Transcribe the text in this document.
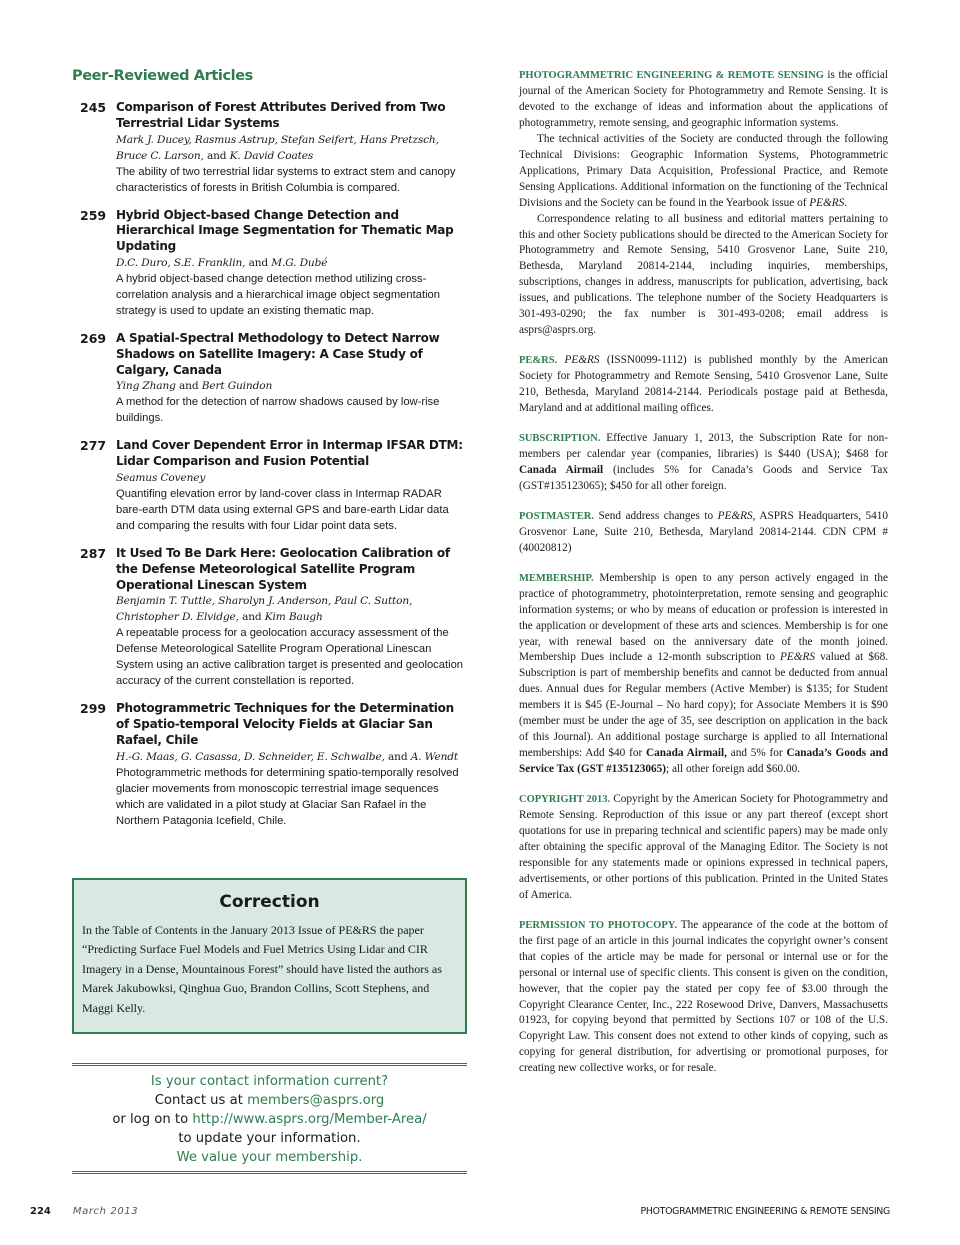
Peer-Reviewed Articles
245 Comparison of Forest Attributes Derived from Two Terrestrial Lidar Systems
Mark J. Ducey, Rasmus Astrup, Stefan Seifert, Hans Pretzsch, Bruce C. Larson, and K. David Coates
The ability of two terrestrial lidar systems to extract stem and canopy characteristics of forests in British Columbia is compared.
259 Hybrid Object-based Change Detection and Hierarchical Image Segmentation for Thematic Map Updating
D.C. Duro, S.E. Franklin, and M.G. Dubé
A hybrid object-based change detection method utilizing cross-correlation analysis and a hierarchical image object segmentation strategy is used to update an existing thematic map.
269 A Spatial-Spectral Methodology to Detect Narrow Shadows on Satellite Imagery: A Case Study of Calgary, Canada
Ying Zhang and Bert Guindon
A method for the detection of narrow shadows caused by low-rise buildings.
277 Land Cover Dependent Error in Intermap IFSAR DTM: Lidar Comparison and Fusion Potential
Seamus Coveney
Quantifing elevation error by land-cover class in Intermap RADAR bare-earth DTM data using external GPS and bare-earth Lidar data and comparing the results with four Lidar point data sets.
287 It Used To Be Dark Here: Geolocation Calibration of the Defense Meteorological Satellite Program Operational Linescan System
Benjamin T. Tuttle, Sharolyn J. Anderson, Paul C. Sutton, Christopher D. Elvidge, and Kim Baugh
A repeatable process for a geolocation accuracy assessment of the Defense Meteorological Satellite Program Operational Linescan System using an active calibration target is presented and geolocation accuracy of the current constellation is reported.
299 Photogrammetric Techniques for the Determination of Spatio-temporal Velocity Fields at Glaciar San Rafael, Chile
H.-G. Maas, G. Casassa, D. Schneider, E. Schwalbe, and A. Wendt
Photogrammetric methods for determining spatio-temporally resolved glacier movements from monoscopic terrestrial image sequences which are validated in a pilot study at Glaciar San Rafael in the Northern Patagonia Icefield, Chile.
Correction
In the Table of Contents in the January 2013 Issue of PE&RS the paper “Predicting Surface Fuel Models and Fuel Metrics Using Lidar and CIR Imagery in a Dense, Mountainous Forest” should have listed the authors as Marek Jakubowksi, Qinghua Guo, Brandon Collins, Scott Stephens, and Maggi Kelly.
Is your contact information current?
Contact us at members@asprs.org
or log on to http://www.asprs.org/Member-Area/
to update your information.
We value your membership.

PHOTOGRAMMETRIC ENGINEERING & REMOTE SENSING is the official journal of the American Society for Photogrammetry and Remote Sensing. It is devoted to the exchange of ideas and information about the applications of photogrammetry, remote sensing, and geographic information systems.

The technical activities of the Society are conducted through the following Technical Divisions: Geographic Information Systems, Photogrammetric Applications, Primary Data Acquisition, Professional Practice, and Remote Sensing Applications. Additional information on the functioning of the Technical Divisions and the Society can be found in the Yearbook issue of PE&RS.

Correspondence relating to all business and editorial matters pertaining to this and other Society publications should be directed to the American Society for Photogrammetry and Remote Sensing, 5410 Grosvenor Lane, Suite 210, Bethesda, Maryland 20814-2144, including inquiries, memberships, subscriptions, changes in address, manuscripts for publication, advertising, back issues, and publications. The telephone number of the Society Headquarters is 301-493-0290; the fax number is 301-493-0208; email address is asprs@asprs.org.

PE&RS. PE&RS (ISSN0099-1112) is published monthly by the American Society for Photogrammetry and Remote Sensing, 5410 Grosvenor Lane, Suite 210, Bethesda, Maryland 20814-2144. Periodicals postage paid at Bethesda, Maryland and at additional mailing offices.

SUBSCRIPTION. Effective January 1, 2013, the Subscription Rate for non-members per calendar year (companies, libraries) is $440 (USA); $468 for Canada Airmail (includes 5% for Canada’s Goods and Service Tax (GST#135123065); $450 for all other foreign.

POSTMASTER. Send address changes to PE&RS, ASPRS Headquarters, 5410 Grosvenor Lane, Suite 210, Bethesda, Maryland 20814-2144. CDN CPM #(40020812)

MEMBERSHIP. Membership is open to any person actively engaged in the practice of photogrammetry, photointerpretation, remote sensing and geographic information systems; or who by means of education or profession is interested in the application or development of these arts and sciences. Membership is for one year, with renewal based on the anniversary date of the month joined. Membership Dues include a 12-month subscription to PE&RS valued at $68. Subscription is part of membership benefits and cannot be deducted from annual dues. Annual dues for Regular members (Active Member) is $135; for Student members it is $45 (E-Journal – No hard copy); for Associate Members it is $90 (member must be under the age of 35, see description on application in the back of this Journal). An additional postage surcharge is applied to all International memberships: Add $40 for Canada Airmail, and 5% for Canada’s Goods and Service Tax (GST #135123065); all other foreign add $60.00.

COPYRIGHT 2013. Copyright by the American Society for Photogrammetry and Remote Sensing. Reproduction of this issue or any part thereof (except short quotations for use in preparing technical and scientific papers) may be made only after obtaining the specific approval of the Managing Editor. The Society is not responsible for any statements made or opinions expressed in technical papers, advertisements, or other portions of this publication. Printed in the United States of America.

PERMISSION TO PHOTOCOPY. The appearance of the code at the bottom of the first page of an article in this journal indicates the copyright owner’s consent that copies of the article may be made for personal or internal use or for the personal or internal use of specific clients. This consent is given on the condition, however, that the copier pay the stated per copy fee of $3.00 through the Copyright Clearance Center, Inc., 222 Rosewood Drive, Danvers, Massachusetts 01923, for copying beyond that permitted by Sections 107 or 108 of the U.S. Copyright Law. This consent does not extend to other kinds of copying, such as copying for general distribution, for advertising or promotional purposes, for creating new collective works, or for resale.

224 March 2013	PHOTOGRAMMETRIC ENGINEERING & REMOTE SENSING
